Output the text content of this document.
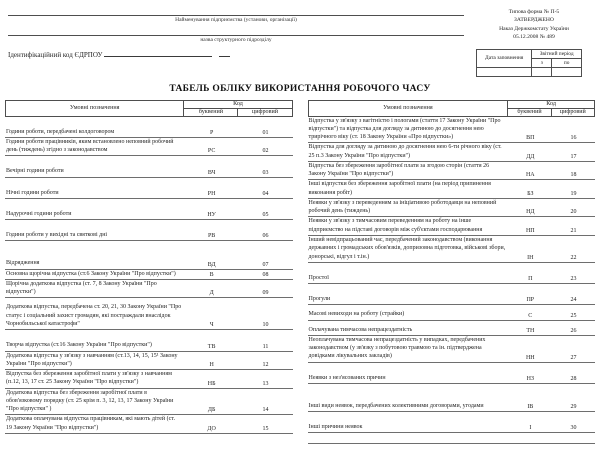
Найменування підприємства (установи, організації)
назва структурного підрозділу
Ідентифікаційний код ЄДРПОУ
Типова форма № П-5
ЗАТВЕРДЖЕНО
Наказ Держкомстату України
05.12.2008 № 489
Дата заповнення	Звітний період	
	з	по

ТАБЕЛЬ ОБЛІКУ ВИКОРИСТАННЯ РОБОЧОГО ЧАСУ
Умовні позначення
Код
буквений	цифровий
Години роботи, передбачені колдоговором	Р	01
Години роботи працівників, яким встановлено неповний робочий день (тиждень) згідно з законодавством	РС	02
Вечірні години роботи	ВЧ	03
Нічні години роботи	РН	04
Надурочні години роботи	НУ	05
Години роботи у вихідні та святкові дні	РВ	06
Відрядження	ВД	07
Основна щорічна відпустка (ст.6 Закону України "Про відпустки")	В	08
Щорічна додаткова відпустка (ст. 7, 8 Закону України "Про відпустки")	Д	09
Додаткова відпустка, передбачена ст. 20, 21, 30 Закону України "Про статус і соціальний захист громадян, які постраждали внаслідок Чорнобильської катастрофи"	Ч	10
Творча відпустка (ст.16 Закону України "Про відпустки")	ТВ	11
Додаткова відпустка у зв'язку з навчанням (ст.13, 14, 15, 15¹ Закону України "Про відпустки")	Н	12
Відпустка без збереження заробітної плати у зв'язку з навчанням (п.12, 13, 17 ст. 25 Закону України "Про відпустки")	НБ	13
Додаткова відпустка без збереження заробітної плати в обов'язковому порядку (ст. 25 крім п. 3, 12, 13, 17 Закону України "Про відпустки" )	ДБ	14
Додаткова оплачувана відпустка працівникам, які мають дітей (ст. 19 Закону України "Про відпустки")	ДО	15
Умовні позначення
Код
буквений	цифровий
Відпустка у зв'язку з вагітністю і пологами (стаття 17 Закону України "Про відпустки") та відпустка для догляду за дитиною до досягнення нею трирічного віку (ст. 18 Закону України «Про відпустки»)	ВП	16
Відпустка для догляду за дитиною до досягнення нею 6-ти річного віку (ст. 25 п.3 Закону України "Про відпустки")	ДД	17
Відпустка без збереження заробітної плати за згодою сторін (стаття 26 Закону України "Про відпустки")	НА	18
Інші відпустки без збереження заробітної плати (на період припинення виконання робіт)	БЗ	19
Неявки у зв'язку з переведенням за ініціативою роботодавця на неповний робочий день (тиждень)	НД	20
Неявки у зв'язку з тимчасовим переведенням на роботу на інше підприємство на підставі договорів між суб'єктами господарювання	НП	21
Інший невідпрацьований час, передбачений законодавством (виконання державних і громадських обов'язків, допризовна підготовка, військові збори, донорські, відгул і т.ін.)	ІН	22
Простої	П	23
Прогули	ПР	24
Масові невиходи на роботу (страйки)	С	25
Оплачувана тимчасова непрацездатність	ТН	26
Неоплачувана тимчасова непрацездатність у випадках, передбачених законодавством (у зв'язку з побутовою травмою та ін. підтверджена довідками лікувальних закладів)	НН	27
Неявки з нез'ясованих причин	НЗ	28
Інші види неявок, передбачених колективними договорами, угодами	ІВ	29
Інші причини неявок	І	30
